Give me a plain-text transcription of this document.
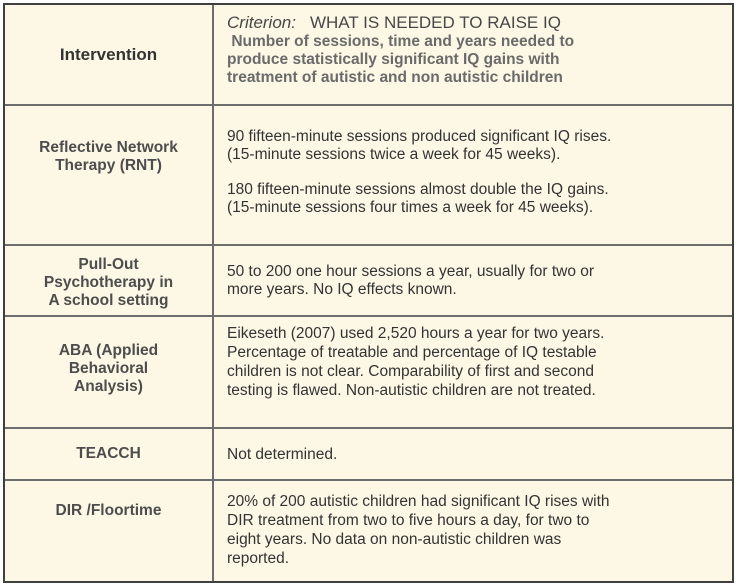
Intervention
Criterion: WHAT IS NEEDED TO RAISE IQ
Number of sessions, time and years needed to
produce statistically significant IQ gains with
treatment of autistic and non autistic children
Reflective Network
Therapy (RNT)
90 fifteen-minute sessions produced significant IQ rises.
(15-minute sessions twice a week for 45 weeks).
180 fifteen-minute sessions almost double the IQ gains.
(15-minute sessions four times a week for 45 weeks).
Pull-Out
Psychotherapy in
A school setting
50 to 200 one hour sessions a year, usually for two or
more years. No IQ effects known.
ABA (Applied
Behavioral
Analysis)
Eikeseth (2007) used 2,520 hours a year for two years.
Percentage of treatable and percentage of IQ testable
children is not clear. Comparability of first and second
testing is flawed. Non-autistic children are not treated.
TEACCH	Not determined.
DIR /Floortime
20% of 200 autistic children had significant IQ rises with
DIR treatment from two to five hours a day, for two to
eight years. No data on non-autistic children was
reported.
